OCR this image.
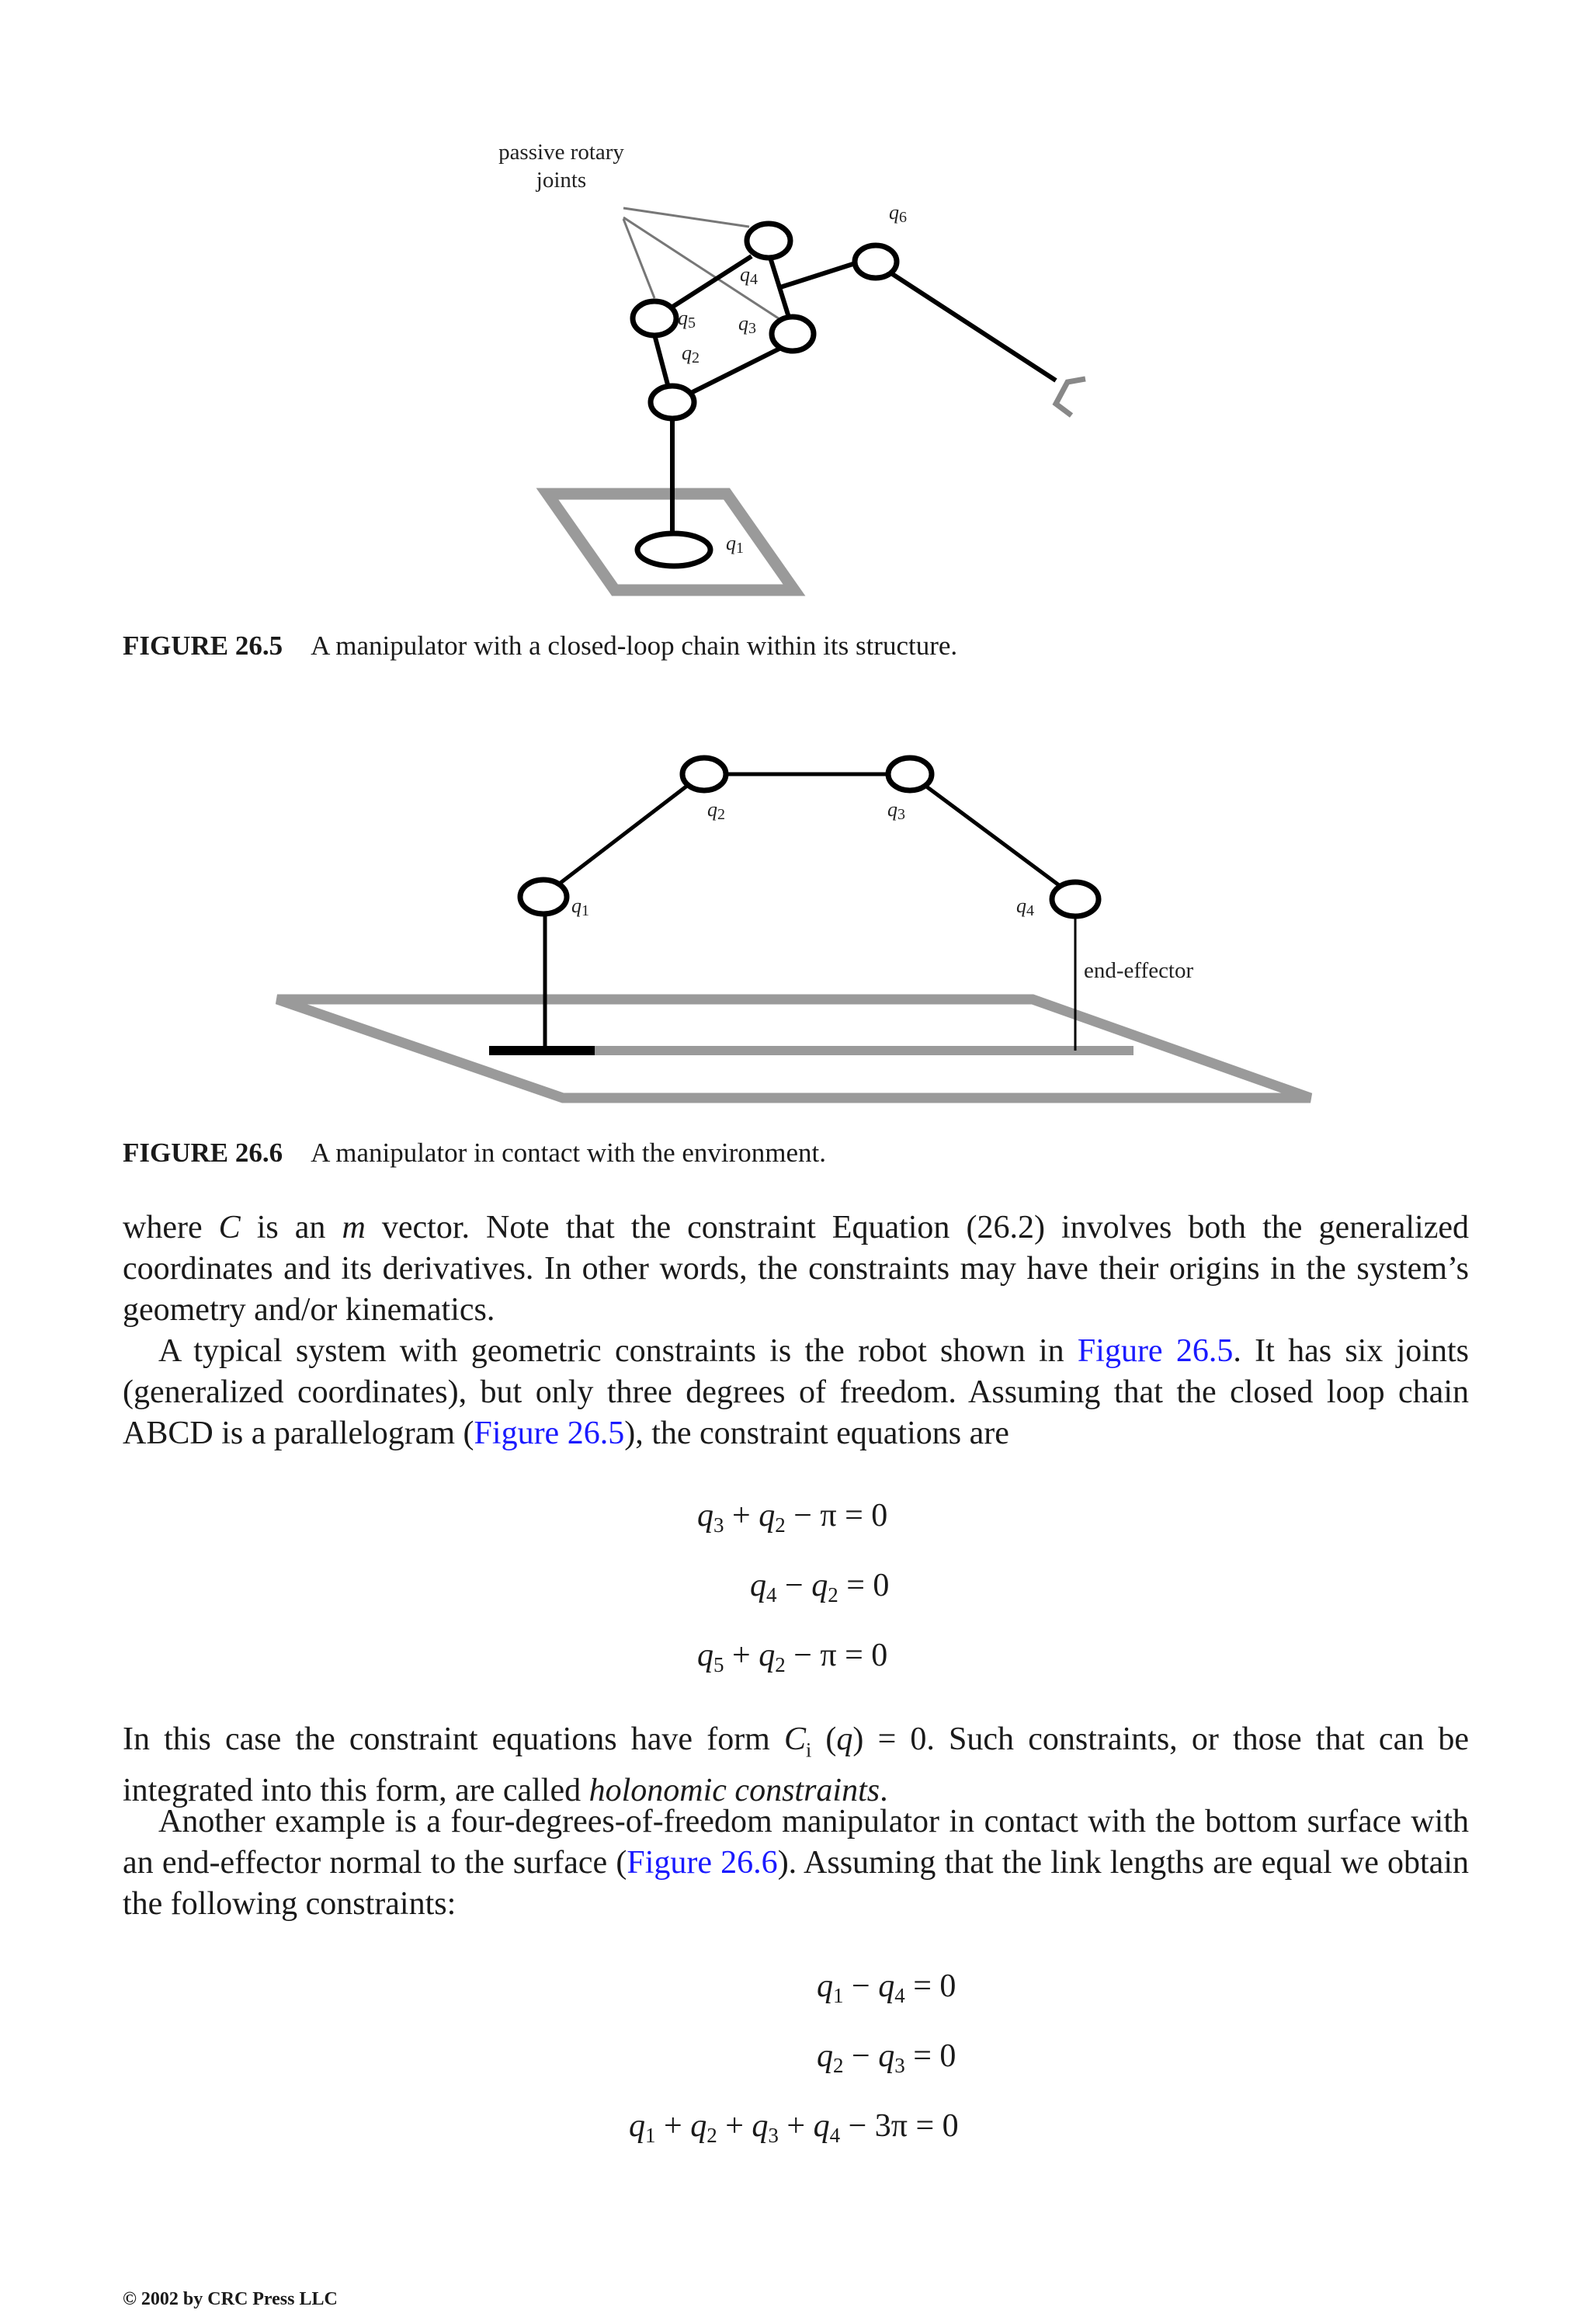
passive rotary
joints
q6
q4
q5 q3
q2
q1
FIGURE 26.5 A manipulator with a closed-loop chain within its structure.
q1
q2	q3
q4
end-effector
FIGURE 26.6 A manipulator in contact with the environment.
where C is an m vector. Note that the constraint Equation (26.2) involves both the generalized coordinates and its derivatives. In other words, the constraints may have their origins in the system’s geometry and/or kinematics.
A typical system with geometric constraints is the robot shown in Figure 26.5. It has six joints (generalized coordinates), but only three degrees of freedom. Assuming that the closed loop chain ABCD is a parallelogram (Figure 26.5), the constraint equations are
$q_3 + q_2 - \pi = 0$
$q_4 - q_2 = 0$
$q_5 + q_2 - \pi = 0$
In this case the constraint equations have form $C_i$ (q) = 0. Such constraints, or those that can be integrated into this form, are called holonomic constraints.
Another example is a four-degrees-of-freedom manipulator in contact with the bottom surface with an end-effector normal to the surface (Figure 26.6). Assuming that the link lengths are equal we obtain the following constraints:
$q_1 - q_4 = 0$
$q_2 - q_3 = 0$
$q_1 + q_2 + q_3 + q_4 - 3\pi = 0$
© 2002 by CRC Press LLC
